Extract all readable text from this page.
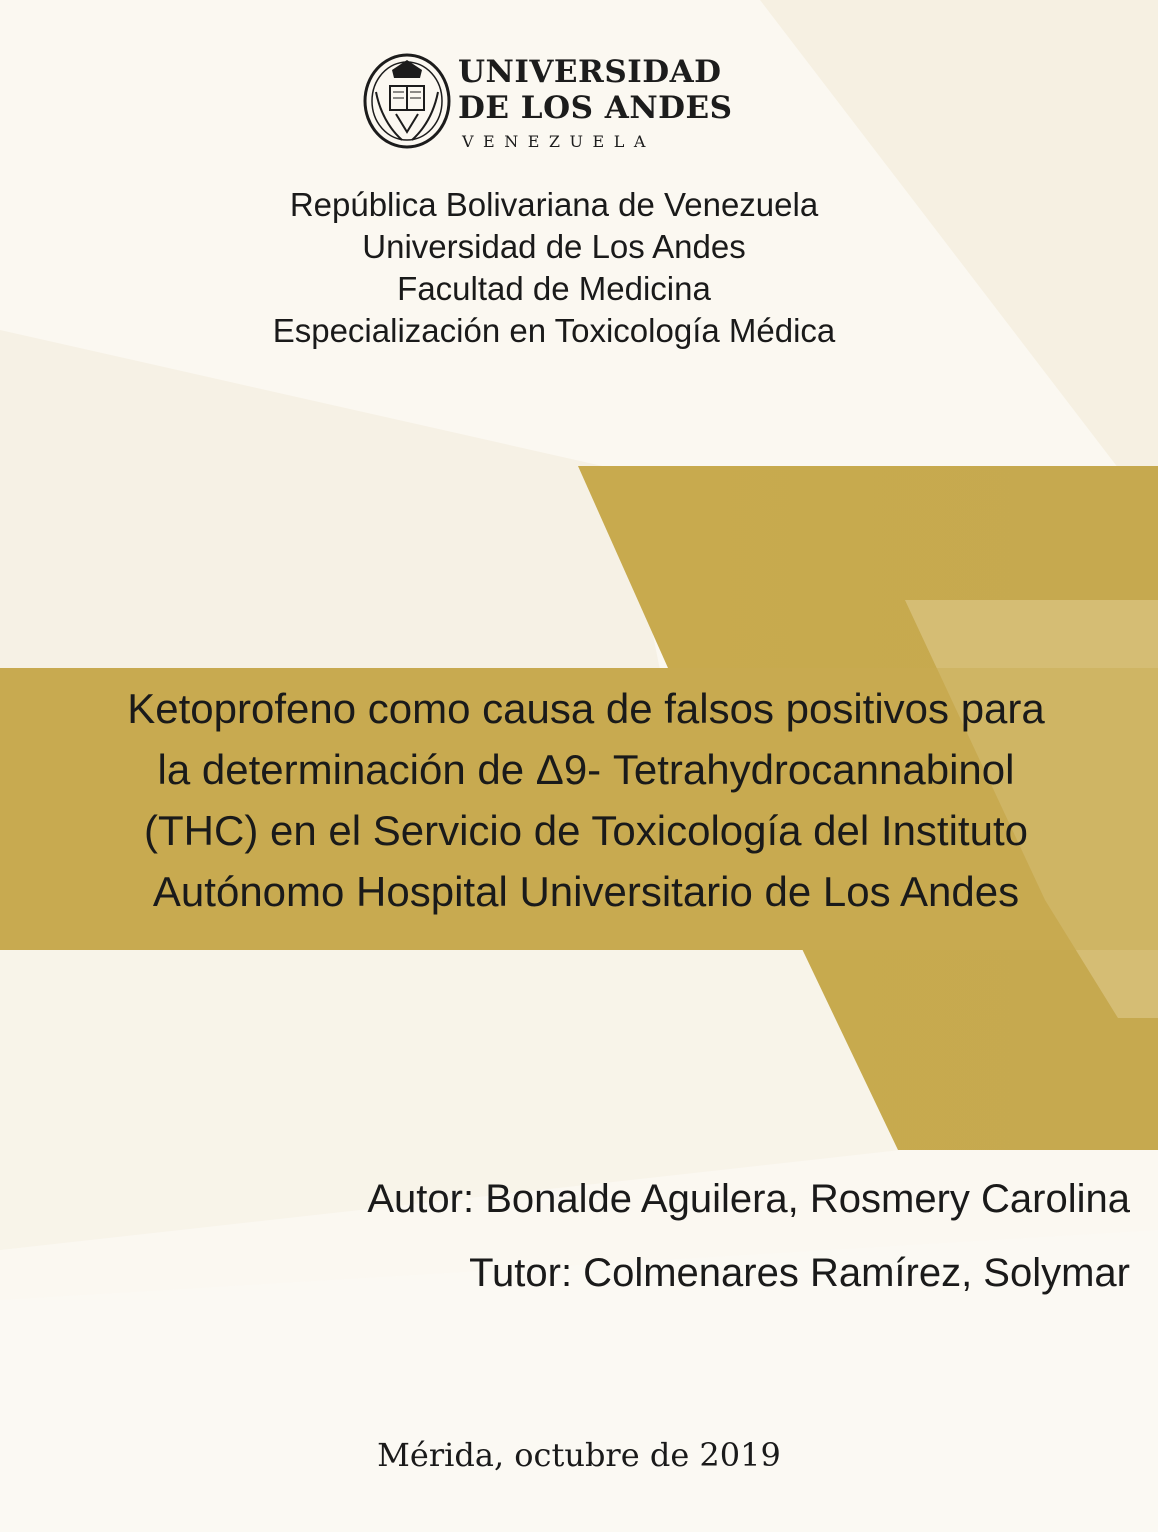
UNIVERSIDAD
DE LOS ANDES
VENEZUELA
República Bolivariana de Venezuela
Universidad de Los Andes
Facultad de Medicina
Especialización en Toxicología Médica
Ketoprofeno como causa de falsos positivos para
la determinación de Δ9- Tetrahydrocannabinol
(THC) en el Servicio de Toxicología del Instituto
Autónomo Hospital Universitario de Los Andes
Autor: Bonalde Aguilera, Rosmery Carolina
Tutor: Colmenares Ramírez, Solymar
Mérida, octubre de 2019
